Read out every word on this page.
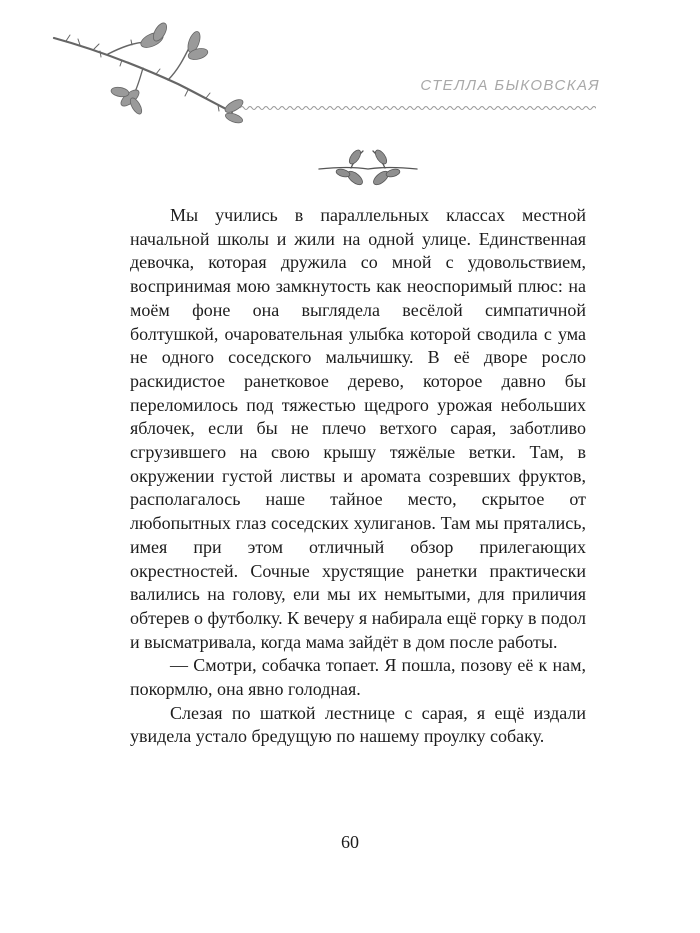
СТЕЛЛА БЫКОВСКАЯ

Мы учились в параллельных классах местной начальной школы и жили на одной улице. Единственная девочка, которая дружила со мной с удовольствием, воспринимая мою замкнутость как неоспоримый плюс: на моём фоне она выглядела весёлой симпатичной болтушкой, очаровательная улыбка которой сводила с ума не одного соседского мальчишку. В её дворе росло раскидистое ранетковое дерево, которое давно бы переломилось под тяжестью щедрого урожая небольших яблочек, если бы не плечо ветхого сарая, заботливо сгрузившего на свою крышу тяжёлые ветки. Там, в окружении густой листвы и аромата созревших фруктов, располагалось наше тайное место, скрытое от любопытных глаз соседских хулиганов. Там мы прятались, имея при этом отличный обзор прилегающих окрестностей. Сочные хрустящие ранетки практически валились на голову, ели мы их немытыми, для приличия обтерев о футболку. К вечеру я набирала ещё горку в подол и высматривала, когда мама зайдёт в дом после работы.

— Смотри, собачка топает. Я пошла, позову её к нам, покормлю, она явно голодная.

Слезая по шаткой лестнице с сарая, я ещё издали увидела устало бредущую по нашему проулку собаку.

60
